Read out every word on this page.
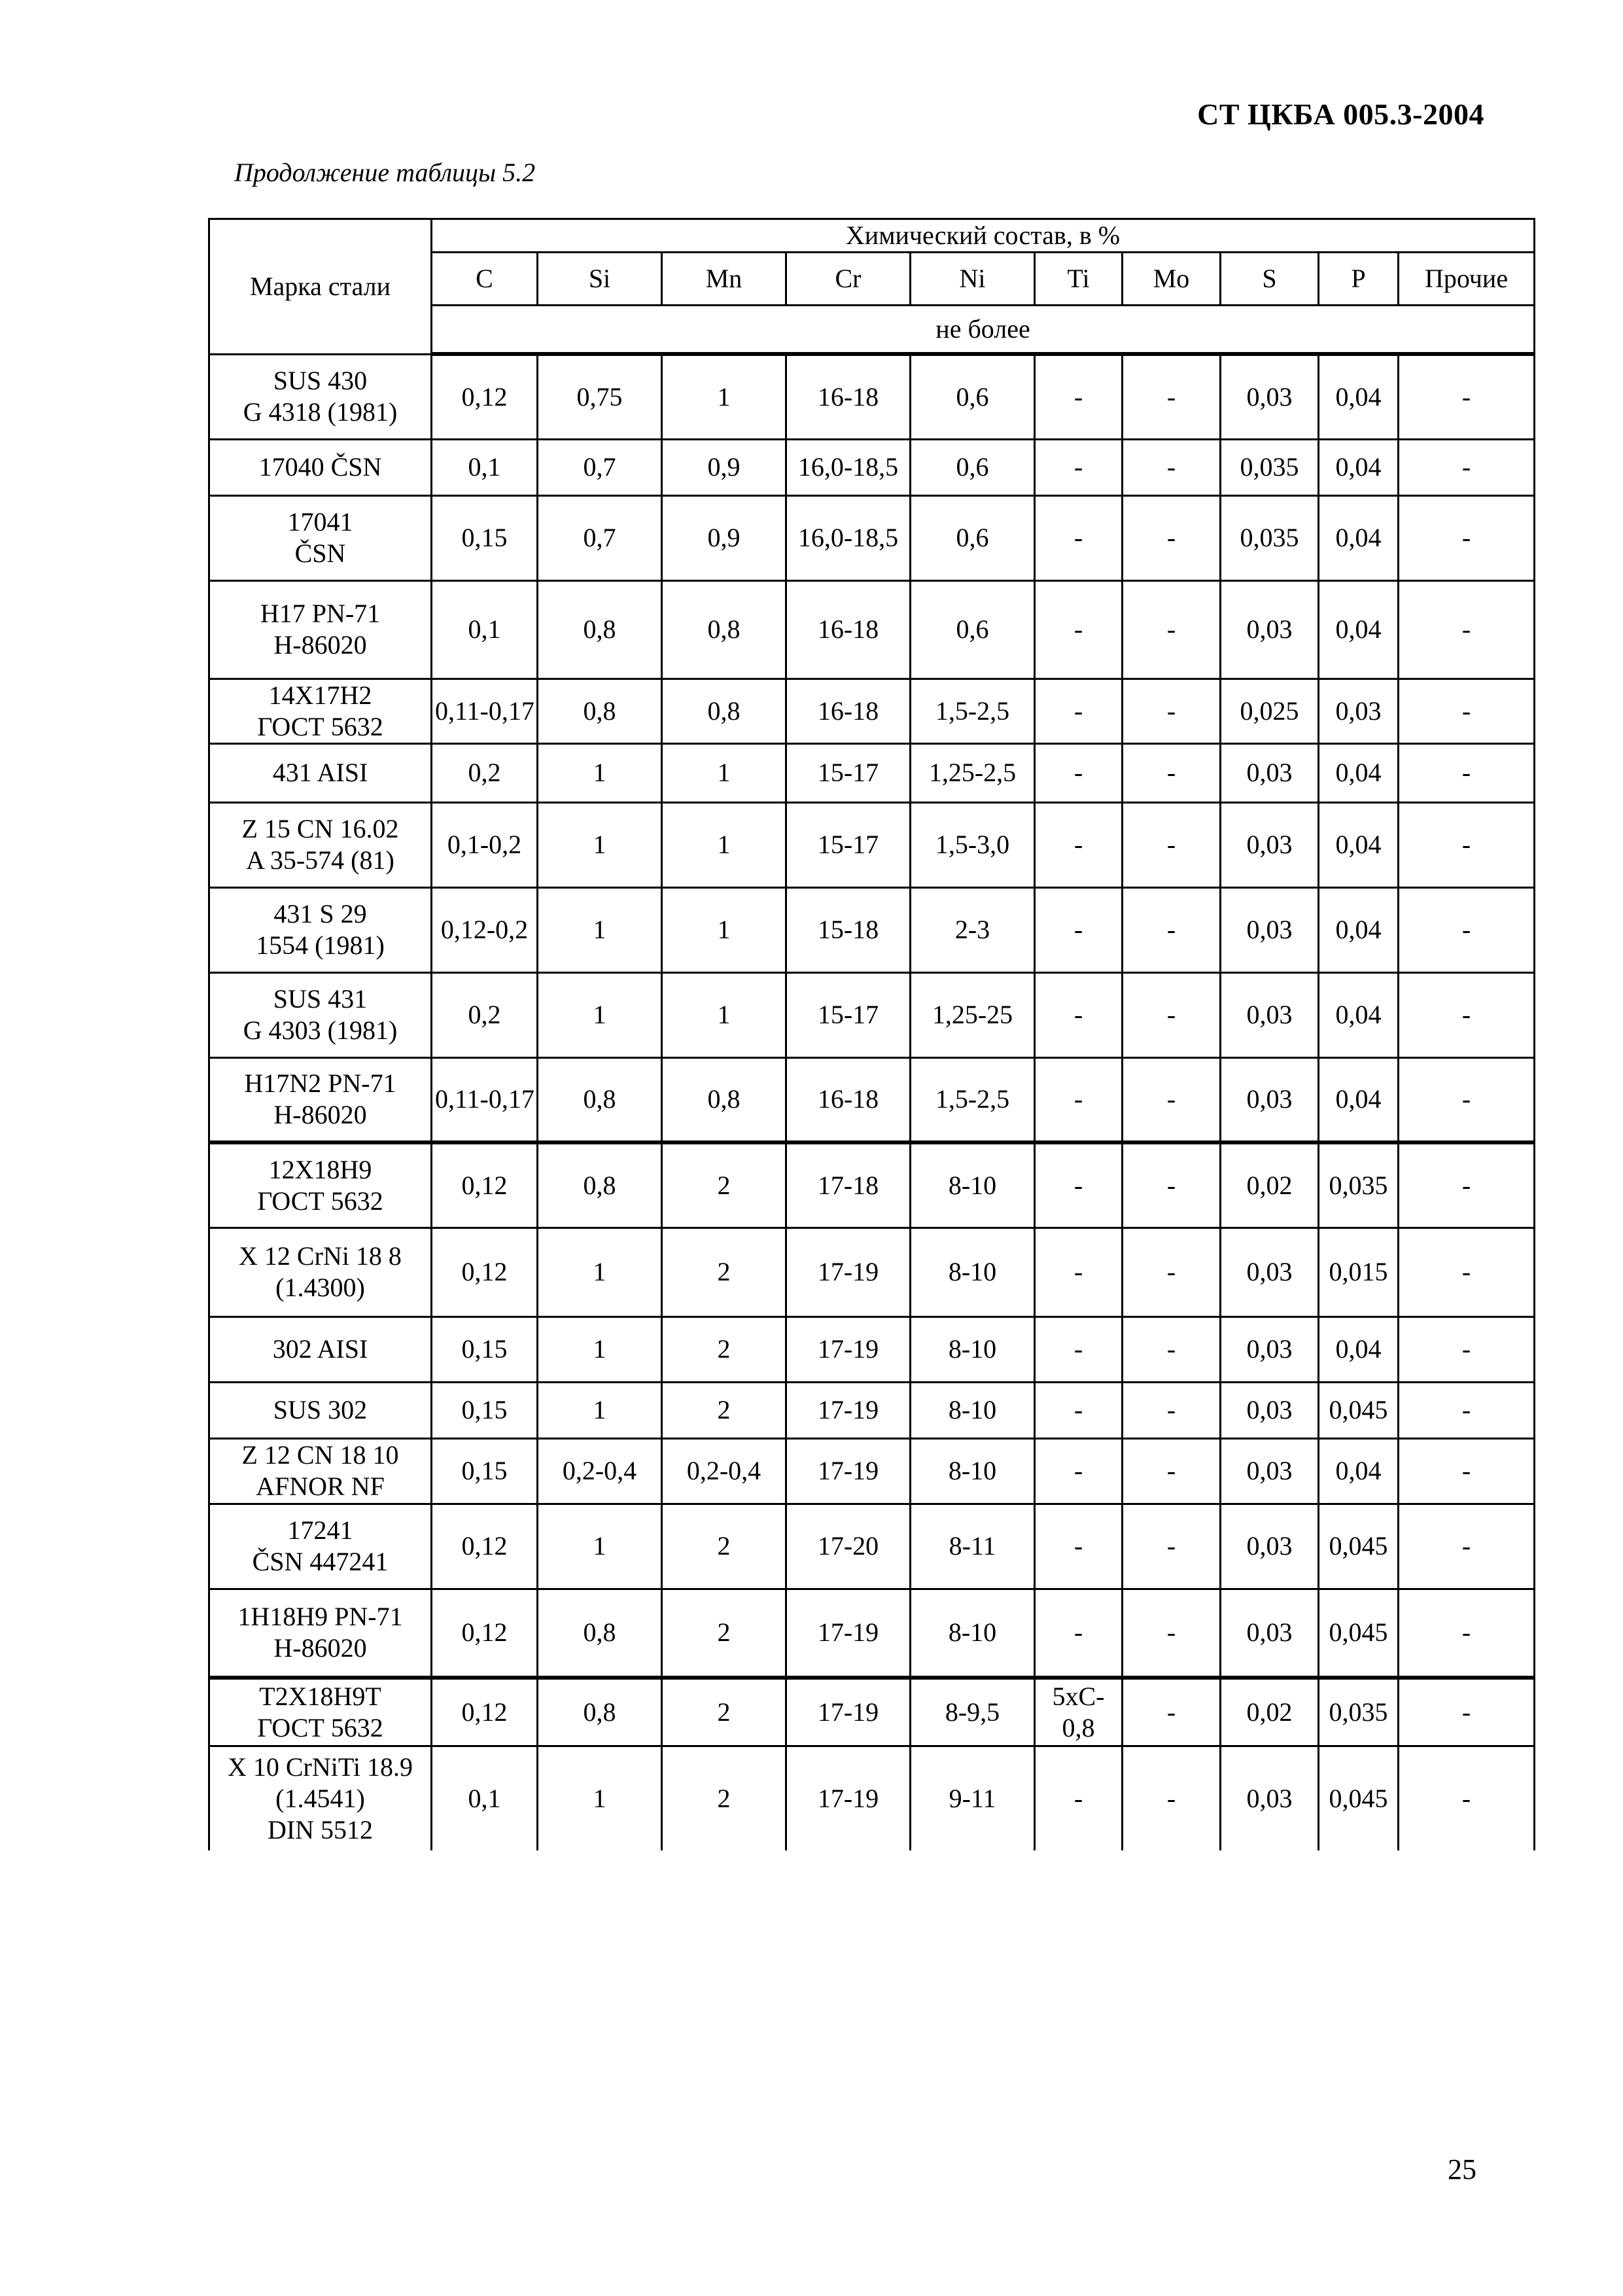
СТ ЦКБА 005.3-2004
Продолжение таблицы 5.2
Марка стали	Химический состав, в %									
	C	Si	Mn	Cr	Ni	Ti	Mo	S	P	Прочие
	не более									

SUS 430
G 4318 (1981)	0,12	0,75	1	16-18	0,6	-	-	0,03	0,04	-

17040 ČSN	0,1	0,7	0,9	16,0-18,5	0,6	-	-	0,035	0,04	-

17041
ČSN	0,15	0,7	0,9	16,0-18,5	0,6	-	-	0,035	0,04	-

H17 PN-71
H-86020	0,1	0,8	0,8	16-18	0,6	-	-	0,03	0,04	-

14X17H2
ГОСТ 5632	0,11-0,17	0,8	0,8	16-18	1,5-2,5	-	-	0,025	0,03	-

431 AISI	0,2	1	1	15-17	1,25-2,5	-	-	0,03	0,04	-

Z 15 CN 16.02
A 35-574 (81)	0,1-0,2	1	1	15-17	1,5-3,0	-	-	0,03	0,04	-

431 S 29
1554 (1981)	0,12-0,2	1	1	15-18	2-3	-	-	0,03	0,04	-

SUS 431
G 4303 (1981)	0,2	1	1	15-17	1,25-25	-	-	0,03	0,04	-

H17N2 PN-71
H-86020	0,11-0,17	0,8	0,8	16-18	1,5-2,5	-	-	0,03	0,04	-

12X18H9
ГОСТ 5632	0,12	0,8	2	17-18	8-10	-	-	0,02	0,035	-

X 12 CrNi 18 8
(1.4300)	0,12	1	2	17-19	8-10	-	-	0,03	0,015	-

302 AISI	0,15	1	2	17-19	8-10	-	-	0,03	0,04	-

SUS 302	0,15	1	2	17-19	8-10	-	-	0,03	0,045	-

Z 12 CN 18 10
AFNOR NF	0,15	0,2-0,4	0,2-0,4	17-19	8-10	-	-	0,03	0,04	-

17241
ČSN 447241	0,12	1	2	17-20	8-11	-	-	0,03	0,045	-

1H18H9 PN-71
H-86020	0,12	0,8	2	17-19	8-10	-	-	0,03	0,045	-

T2X18H9T
ГОСТ 5632	0,12	0,8	2	17-19	8-9,5	5xC-0,8	-	0,02	0,035	-

X 10 CrNiTi 18.9
(1.4541)
DIN 5512	0,1	1	2	17-19	9-11	-	-	0,03	0,045	-
25
